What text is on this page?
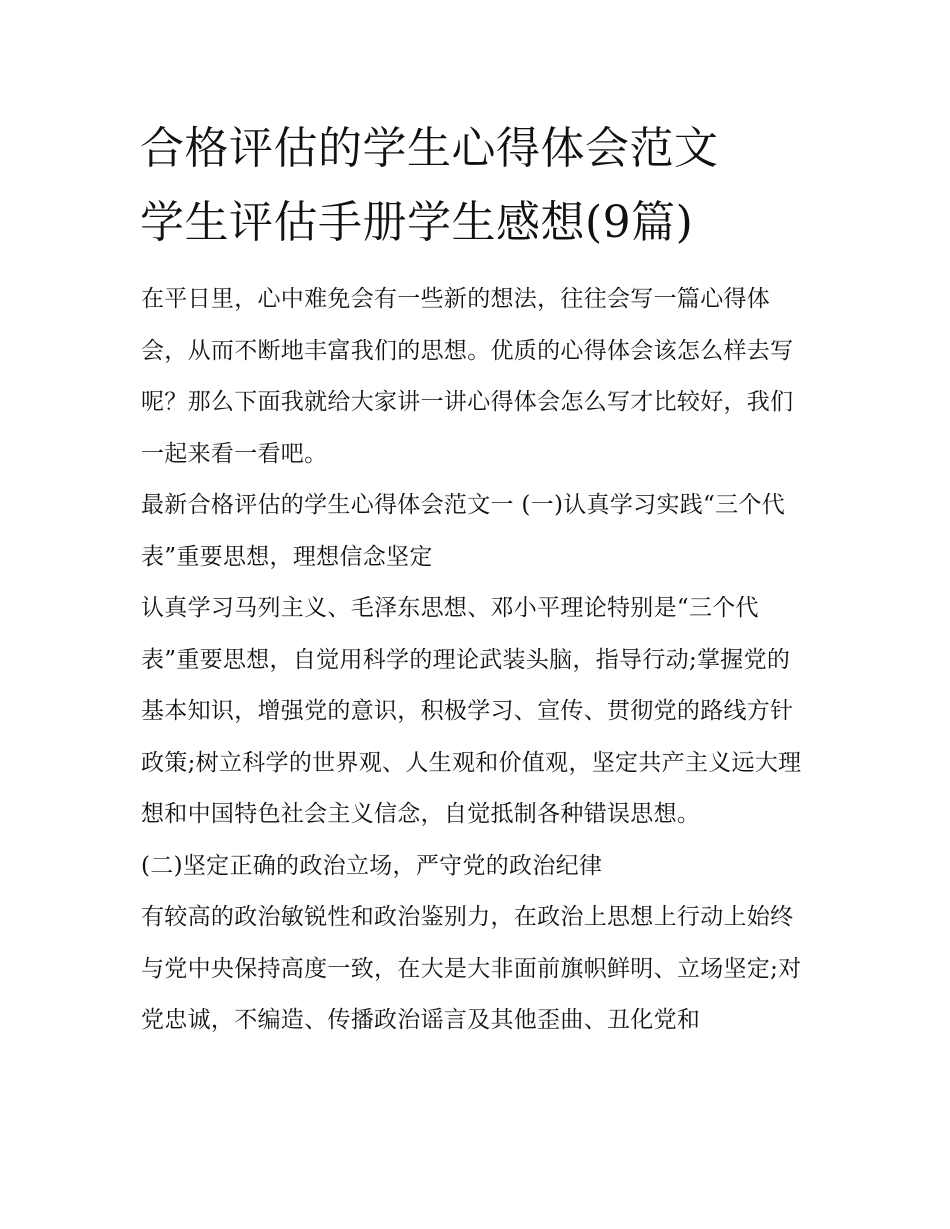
合格评估的学生心得体会范文
学生评估手册学生感想(9篇)

在平日里，心中难免会有一些新的想法，往往会写一篇心得体会，从而不断地丰富我们的思想。优质的心得体会该怎么样去写呢？那么下面我就给大家讲一讲心得体会怎么写才比较好，我们一起来看一看吧。

最新合格评估的学生心得体会范文一 (一)认真学习实践“三个代表”重要思想，理想信念坚定

认真学习马列主义、毛泽东思想、邓小平理论特别是“三个代表”重要思想，自觉用科学的理论武装头脑，指导行动;掌握党的基本知识，增强党的意识，积极学习、宣传、贯彻党的路线方针政策;树立科学的世界观、人生观和价值观，坚定共产主义远大理想和中国特色社会主义信念，自觉抵制各种错误思想。

(二)坚定正确的政治立场，严守党的政治纪律

有较高的政治敏锐性和政治鉴别力，在政治上思想上行动上始终与党中央保持高度一致，在大是大非面前旗帜鲜明、立场坚定;对党忠诚，不编造、传播政治谣言及其他歪曲、丑化党和
